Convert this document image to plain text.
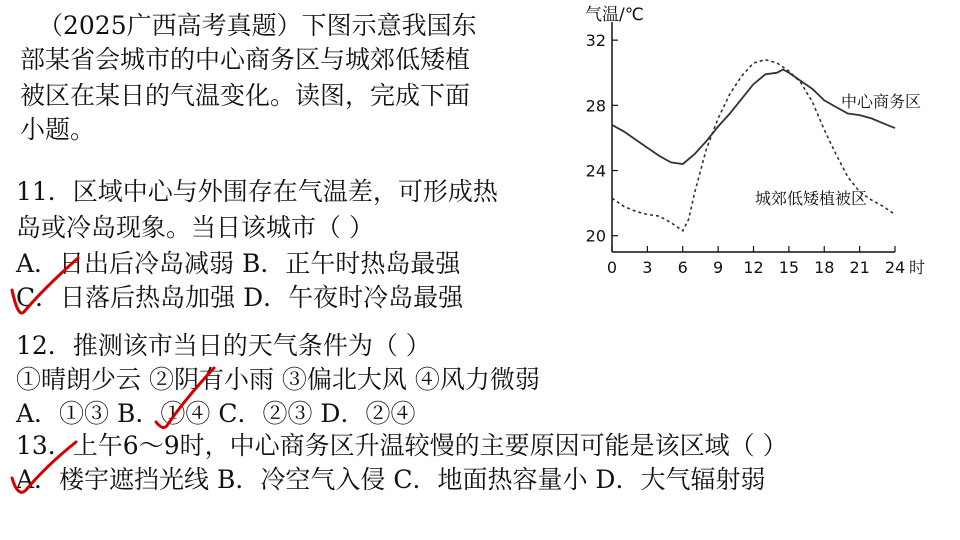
（2025广西高考真题）下图示意我国东
部某省会城市的中心商务区与城郊低矮植
被区在某日的气温变化。读图，完成下面
小题。
11．区域中心与外围存在气温差，可形成热
岛或冷岛现象。当日该城市（ ）
A．日出后冷岛减弱 B．正午时热岛最强
C．日落后热岛加强 D．午夜时冷岛最强
12．推测该市当日的天气条件为（ ）
①晴朗少云 ②阴有小雨 ③偏北大风 ④风力微弱
A．①③ B．①④ C．②③ D．②④
13．上午6～9时，中心商务区升温较慢的主要原因可能是该区域（ ）
A．楼宇遮挡光线 B．冷空气入侵 C．地面热容量小 D．大气辐射弱
20
24
28
32
0 3 6 9 12 15 18 21 24
气温/℃
时
中心商务区
城郊低矮植被区
